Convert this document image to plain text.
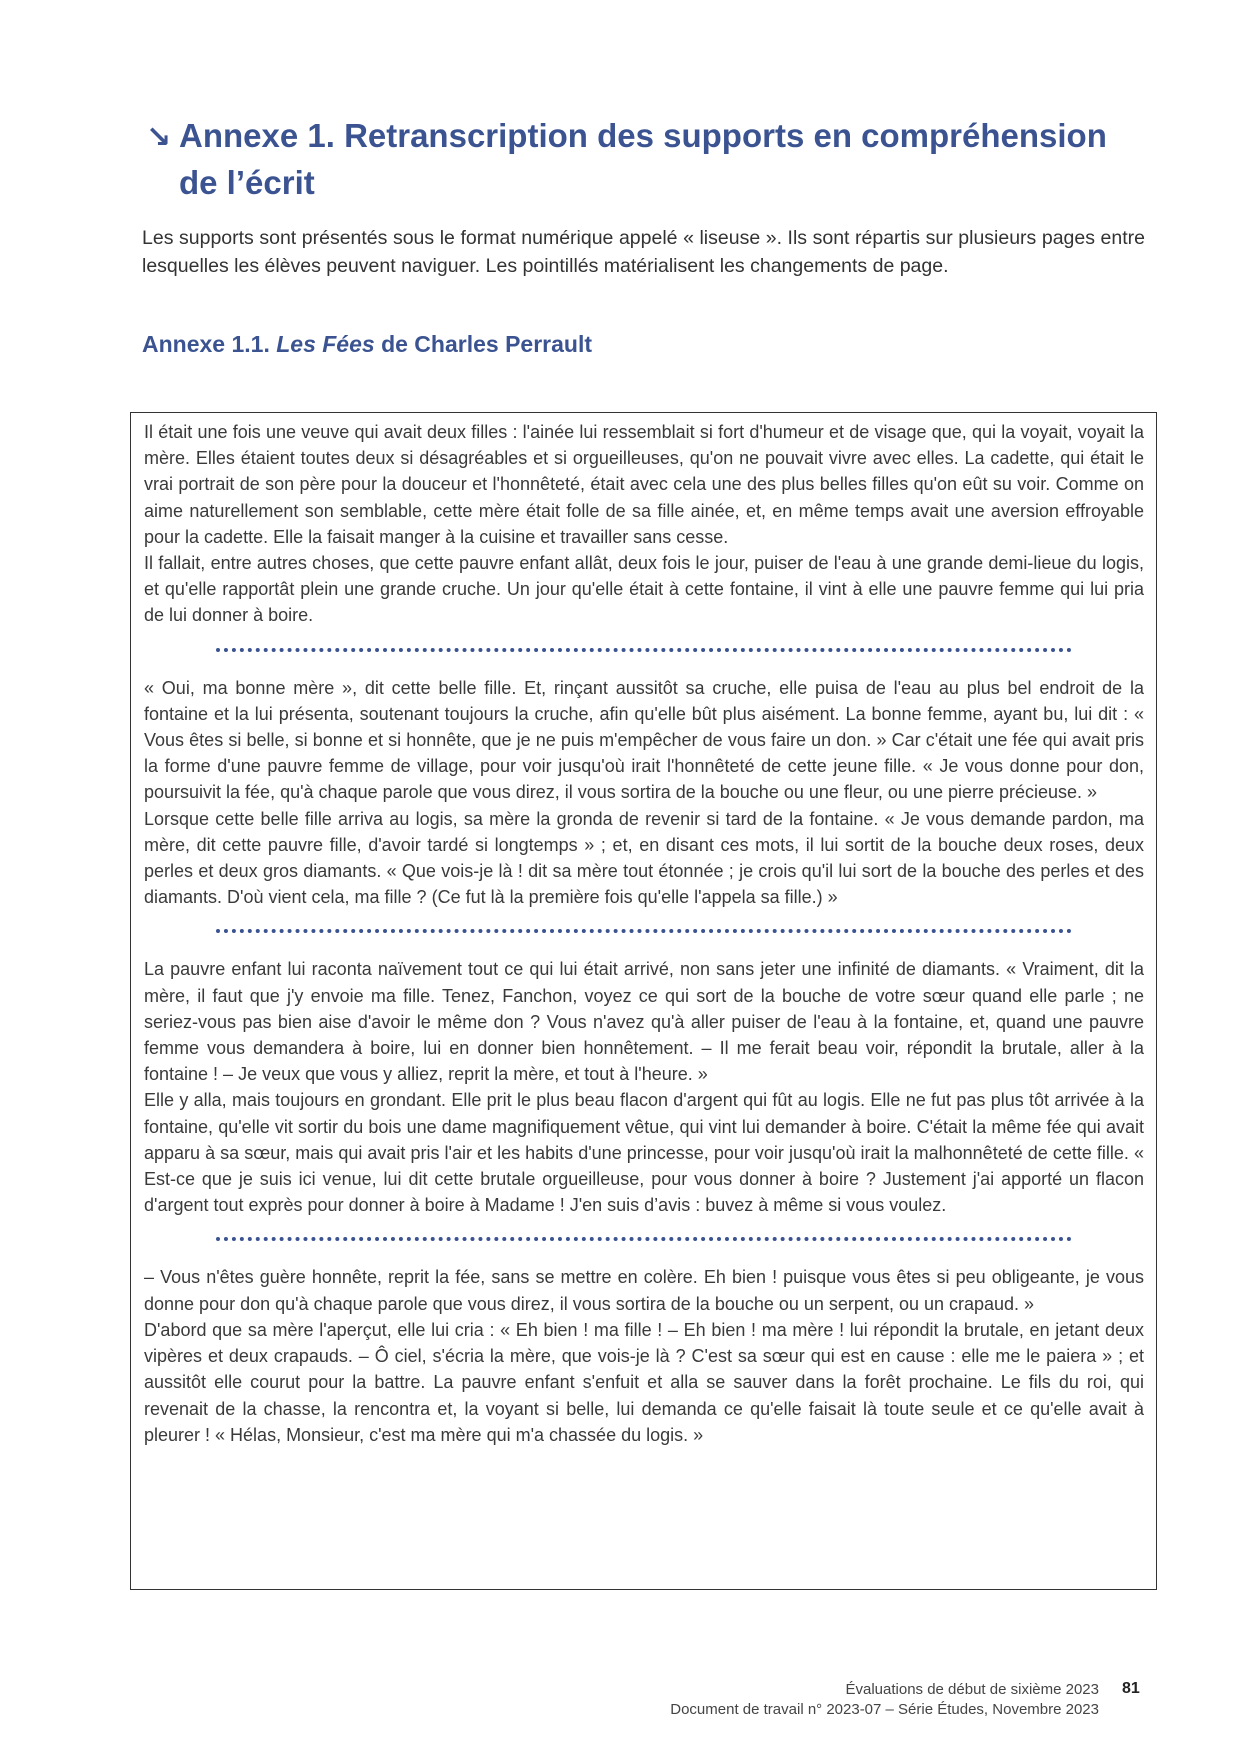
↘ Annexe 1. Retranscription des supports en compréhension de l’écrit
Les supports sont présentés sous le format numérique appelé « liseuse ». Ils sont répartis sur plusieurs pages entre lesquelles les élèves peuvent naviguer. Les pointillés matérialisent les changements de page.
Annexe 1.1. Les Fées de Charles Perrault

Il était une fois une veuve qui avait deux filles : l'ainée lui ressemblait si fort d'humeur et de visage que, qui la voyait, voyait la mère. Elles étaient toutes deux si désagréables et si orgueilleuses, qu'on ne pouvait vivre avec elles. La cadette, qui était le vrai portrait de son père pour la douceur et l'honnêteté, était avec cela une des plus belles filles qu'on eût su voir. Comme on aime naturellement son semblable, cette mère était folle de sa fille ainée, et, en même temps avait une aversion effroyable pour la cadette. Elle la faisait manger à la cuisine et travailler sans cesse.

Il fallait, entre autres choses, que cette pauvre enfant allât, deux fois le jour, puiser de l'eau à une grande demi-lieue du logis, et qu'elle rapportât plein une grande cruche. Un jour qu'elle était à cette fontaine, il vint à elle une pauvre femme qui lui pria de lui donner à boire.

« Oui, ma bonne mère », dit cette belle fille. Et, rinçant aussitôt sa cruche, elle puisa de l'eau au plus bel endroit de la fontaine et la lui présenta, soutenant toujours la cruche, afin qu'elle bût plus aisément. La bonne femme, ayant bu, lui dit : « Vous êtes si belle, si bonne et si honnête, que je ne puis m'empêcher de vous faire un don. » Car c'était une fée qui avait pris la forme d'une pauvre femme de village, pour voir jusqu'où irait l'honnêteté de cette jeune fille. « Je vous donne pour don, poursuivit la fée, qu'à chaque parole que vous direz, il vous sortira de la bouche ou une fleur, ou une pierre précieuse. »

Lorsque cette belle fille arriva au logis, sa mère la gronda de revenir si tard de la fontaine. « Je vous demande pardon, ma mère, dit cette pauvre fille, d'avoir tardé si longtemps » ; et, en disant ces mots, il lui sortit de la bouche deux roses, deux perles et deux gros diamants. « Que vois-je là ! dit sa mère tout étonnée ; je crois qu'il lui sort de la bouche des perles et des diamants. D'où vient cela, ma fille ? (Ce fut là la première fois qu'elle l'appela sa fille.) »

La pauvre enfant lui raconta naïvement tout ce qui lui était arrivé, non sans jeter une infinité de diamants. « Vraiment, dit la mère, il faut que j'y envoie ma fille. Tenez, Fanchon, voyez ce qui sort de la bouche de votre sœur quand elle parle ; ne seriez-vous pas bien aise d'avoir le même don ? Vous n'avez qu'à aller puiser de l'eau à la fontaine, et, quand une pauvre femme vous demandera à boire, lui en donner bien honnêtement. – Il me ferait beau voir, répondit la brutale, aller à la fontaine ! – Je veux que vous y alliez, reprit la mère, et tout à l'heure. »

Elle y alla, mais toujours en grondant. Elle prit le plus beau flacon d'argent qui fût au logis. Elle ne fut pas plus tôt arrivée à la fontaine, qu'elle vit sortir du bois une dame magnifiquement vêtue, qui vint lui demander à boire. C'était la même fée qui avait apparu à sa sœur, mais qui avait pris l'air et les habits d'une princesse, pour voir jusqu'où irait la malhonnêteté de cette fille. « Est-ce que je suis ici venue, lui dit cette brutale orgueilleuse, pour vous donner à boire ? Justement j'ai apporté un flacon d'argent tout exprès pour donner à boire à Madame ! J'en suis d’avis : buvez à même si vous voulez.

– Vous n'êtes guère honnête, reprit la fée, sans se mettre en colère. Eh bien ! puisque vous êtes si peu obligeante, je vous donne pour don qu'à chaque parole que vous direz, il vous sortira de la bouche ou un serpent, ou un crapaud. »

D'abord que sa mère l'aperçut, elle lui cria : « Eh bien ! ma fille ! – Eh bien ! ma mère ! lui répondit la brutale, en jetant deux vipères et deux crapauds. – Ô ciel, s'écria la mère, que vois-je là ? C'est sa sœur qui est en cause : elle me le paiera » ; et aussitôt elle courut pour la battre. La pauvre enfant s'enfuit et alla se sauver dans la forêt prochaine. Le fils du roi, qui revenait de la chasse, la rencontra et, la voyant si belle, lui demanda ce qu'elle faisait là toute seule et ce qu'elle avait à pleurer ! « Hélas, Monsieur, c'est ma mère qui m'a chassée du logis. »

Évaluations de début de sixième 2023
Document de travail n° 2023-07 – Série Études, Novembre 2023
81
